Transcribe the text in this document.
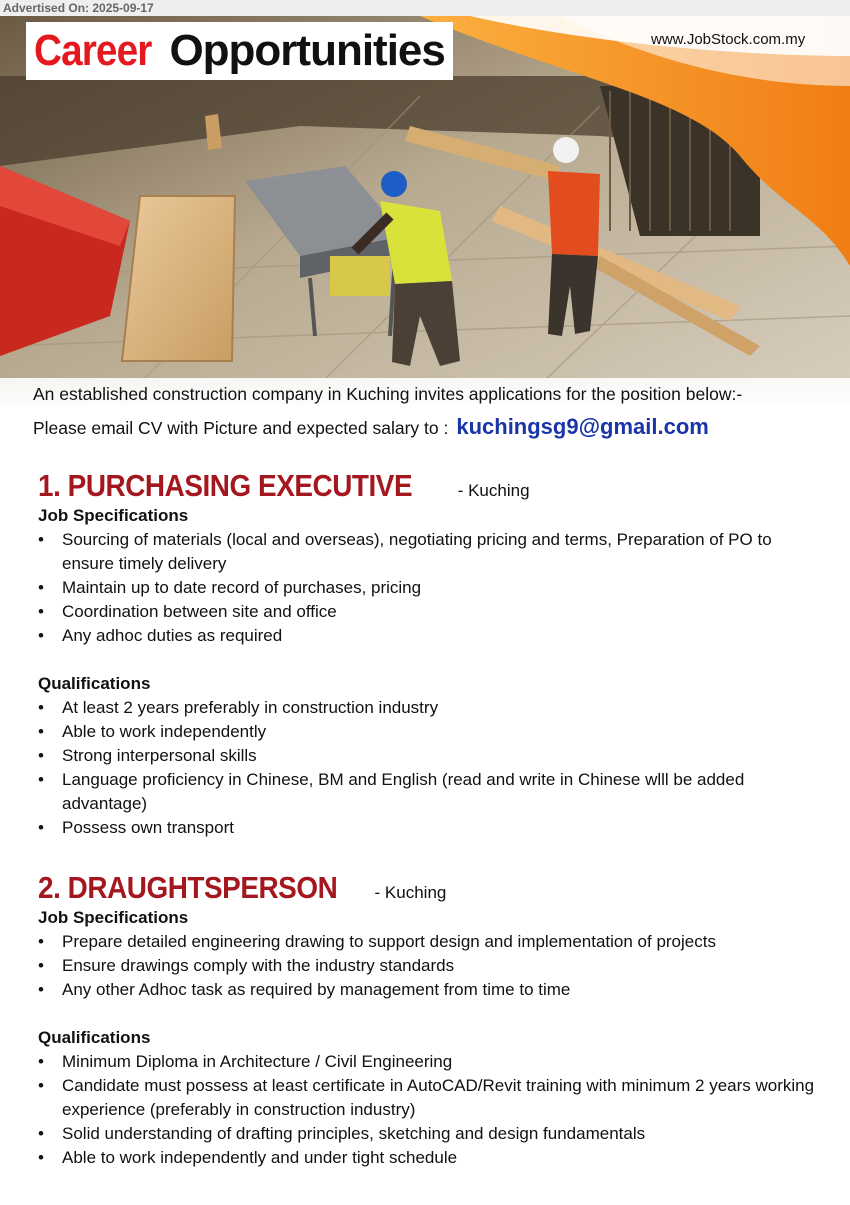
Advertised On: 2025-09-17
Career Opportunities	www.JobStock.com.my
An established construction company in Kuching invites applications for the position below:-
Please email CV with Picture and expected salary to : kuchingsg9@gmail.com
1. PURCHASING EXECUTIVE	- Kuching
Job Specifications
• Sourcing of materials (local and overseas), negotiating pricing and terms, Preparation of PO to ensure timely delivery
• Maintain up to date record of purchases, pricing
• Coordination between site and office
• Any adhoc duties as required
Qualifications
• At least 2 years preferably in construction industry
• Able to work independently
• Strong interpersonal skills
• Language proficiency in Chinese, BM and English (read and write in Chinese wlll be added advantage)
• Possess own transport
2. DRAUGHTSPERSON - Kuching
Job Specifications
• Prepare detailed engineering drawing to support design and implementation of projects
• Ensure drawings comply with the industry standards
• Any other Adhoc task as required by management from time to time
Qualifications
• Minimum Diploma in Architecture / Civil Engineering
• Candidate must possess at least certificate in AutoCAD/Revit training with minimum 2 years working experience (preferably in construction industry)
• Solid understanding of drafting principles, sketching and design fundamentals
• Able to work independently and under tight schedule
